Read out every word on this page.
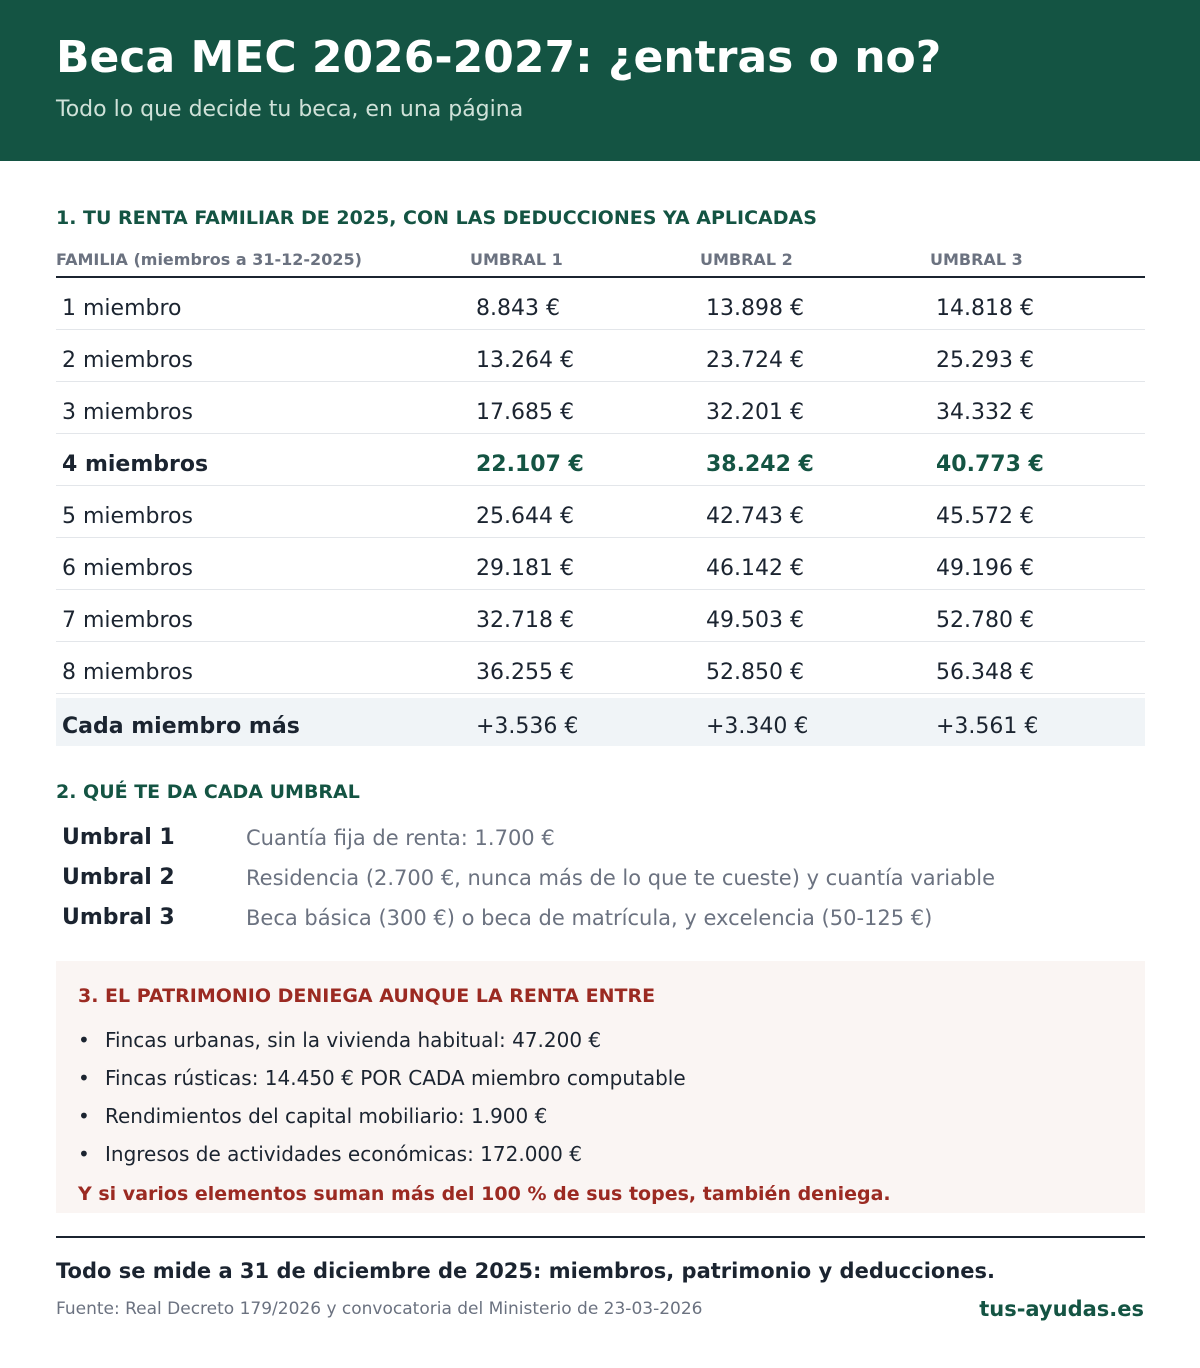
Beca MEC 2026-2027: ¿entras o no?
Todo lo que decide tu beca, en una página
1. TU RENTA FAMILIAR DE 2025, CON LAS DEDUCCIONES YA APLICADAS
FAMILIA (miembros a 31-12-2025)	UMBRAL 1	UMBRAL 2	UMBRAL 3
1 miembro	8.843 €	13.898 €	14.818 €
2 miembros	13.264 €	23.724 €	25.293 €
3 miembros	17.685 €	32.201 €	34.332 €
4 miembros	22.107 €	38.242 €	40.773 €
5 miembros	25.644 €	42.743 €	45.572 €
6 miembros	29.181 €	46.142 €	49.196 €
7 miembros	32.718 €	49.503 €	52.780 €
8 miembros	36.255 €	52.850 €	56.348 €
Cada miembro más	+3.536 €	+3.340 €	+3.561 €
2. QUÉ TE DA CADA UMBRAL
Umbral 1	Cuantía fija de renta: 1.700 €
Umbral 2	Residencia (2.700 €, nunca más de lo que te cueste) y cuantía variable
Umbral 3	Beca básica (300 €) o beca de matrícula, y excelencia (50-125 €)
3. EL PATRIMONIO DENIEGA AUNQUE LA RENTA ENTRE
• Fincas urbanas, sin la vivienda habitual: 47.200 €
• Fincas rústicas: 14.450 € POR CADA miembro computable
• Rendimientos del capital mobiliario: 1.900 €
• Ingresos de actividades económicas: 172.000 €
Y si varios elementos suman más del 100 % de sus topes, también deniega.
Todo se mide a 31 de diciembre de 2025: miembros, patrimonio y deducciones.
Fuente: Real Decreto 179/2026 y convocatoria del Ministerio de 23-03-2026	tus-ayudas.es
